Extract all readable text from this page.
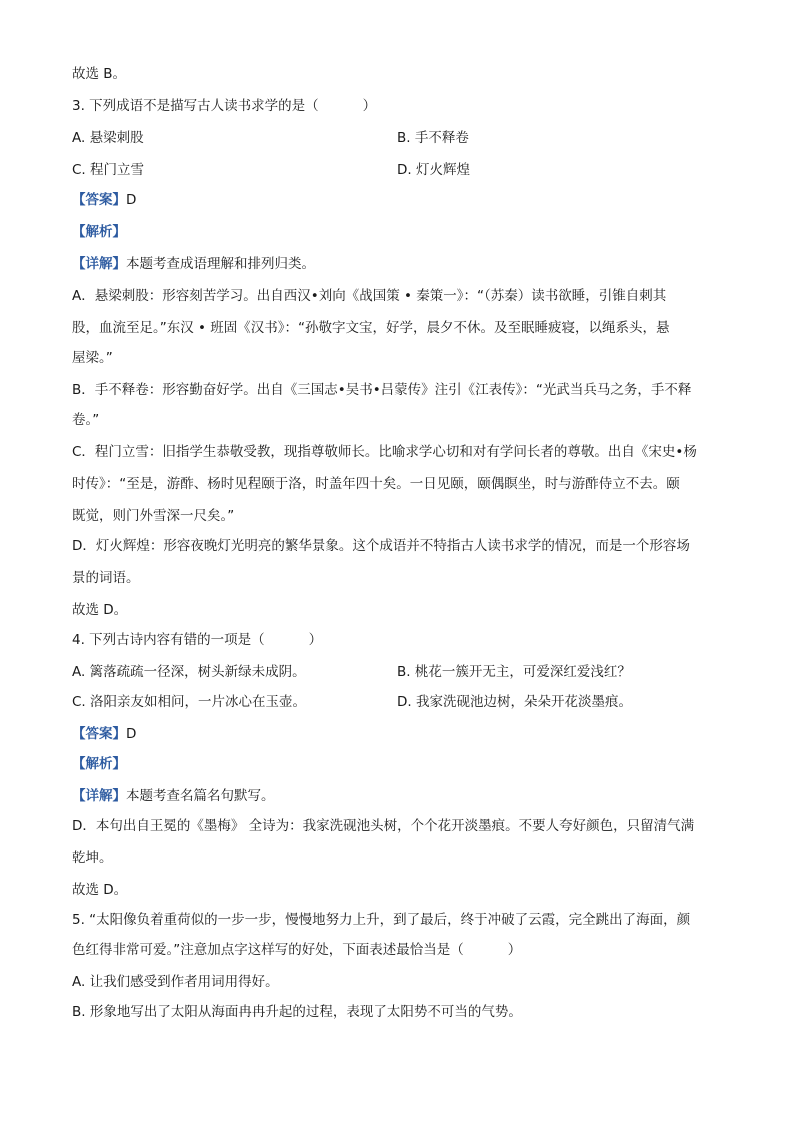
故选 B。
3. 下列成语不是描写古人读书求学的是（	）
A. 悬梁刺股	B. 手不释卷
C. 程门立雪	D. 灯火辉煌
【答案】D
【解析】
【详解】本题考查成语理解和排列归类。
A．悬梁刺股：形容刻苦学习。出自西汉•刘向《战国策 • 秦策一》：“（苏秦）读书欲睡，引锥自刺其
股，血流至足。”东汉 • 班固《汉书》：“孙敬字文宝，好学，晨夕不休。及至眠睡疲寝，以绳系头，悬
屋梁。”
B．手不释卷：形容勤奋好学。出自《三国志•吴书•吕蒙传》注引《江表传》：“光武当兵马之务，手不释
卷。”
C．程门立雪：旧指学生恭敬受教，现指尊敬师长。比喻求学心切和对有学问长者的尊敬。出自《宋史•杨
时传》：“至是，游酢、杨时见程颐于洛，时盖年四十矣。一日见颐，颐偶瞑坐，时与游酢侍立不去。颐
既觉，则门外雪深一尺矣。”
D．灯火辉煌：形容夜晚灯光明亮的繁华景象。这个成语并不特指古人读书求学的情况，而是一个形容场
景的词语。
故选 D。
4. 下列古诗内容有错的一项是（	）
A. 篱落疏疏一径深，树头新绿未成阴。	B. 桃花一簇开无主，可爱深红爱浅红？
C. 洛阳亲友如相问，一片冰心在玉壶。	D. 我家洗砚池边树，朵朵开花淡墨痕。
【答案】D
【解析】
【详解】本题考查名篇名句默写。
D．本句出自王冕的《墨梅》 全诗为：我家洗砚池头树，个个花开淡墨痕。不要人夸好颜色，只留清气满
乾坤。
故选 D。
5. “太阳像负着重荷似的一步一步，慢慢地努力上升，到了最后，终于冲破了云霞，完全跳出了海面，颜
色红得非常可爱。”注意加点字这样写的好处，下面表述最恰当是（	）
A. 让我们感受到作者用词用得好。
B. 形象地写出了太阳从海面冉冉升起的过程，表现了太阳势不可当的气势。
